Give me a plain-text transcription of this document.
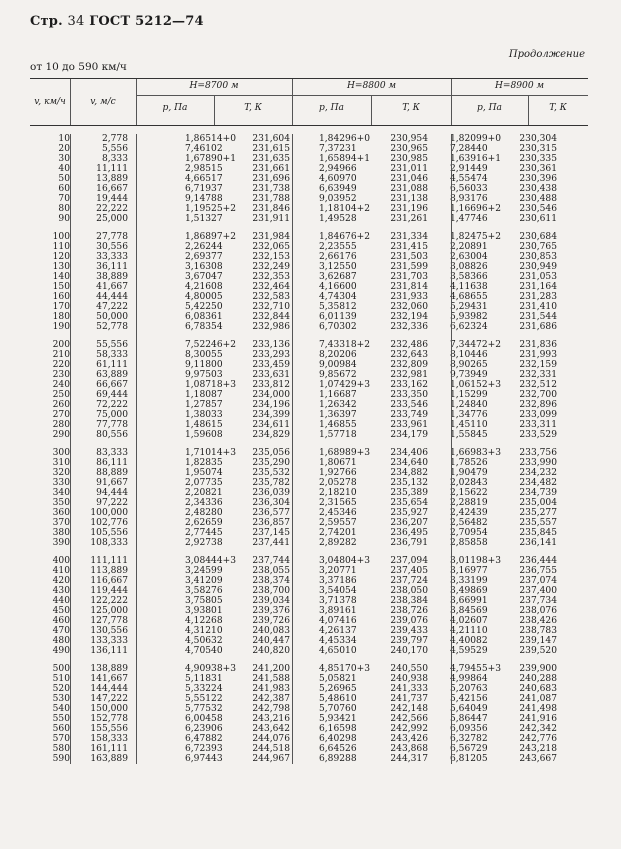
Стр. 34 ГОСТ 5212—74
Продолжение
от 10 до 590 км/ч
v, км/ч	v, м/с
H=8700 м	H=8800 м	H=8900 м
p, Па	T, К	p, Па	T, К	p, Па	T, К
10	2,778	1,86514+0	231,604	1,84296+0	230,954	1,82099+0	230,304
20	5,556	7,46102	231,615	7,37231	230,965	7,28440	230,315
30	8,333	1,67890+1	231,635	1,65894+1	230,985	1,63916+1	230,335
40	11,111	2,98515	231,661	2,94966	231,011	2,91449	230,361
50	13,889	4,66517	231,696	4,60970	231,046	4,55474	230,396
60	16,667	6,71937	231,738	6,63949	231,088	6,56033	230,438
70	19,444	9,14788	231,788	9,03952	231,138	8,93176	230,488
80	22,222	1,19525+2	231,846	1,18104+2	231,196	1,16696+2	230,546
90	25,000	1,51327	231,911	1,49528	231,261	1,47746	230,611
100	27,778	1,86897+2	231,984	1,84676+2	231,334	1,82475+2	230,684
110	30,556	2,26244	232,065	2,23555	231,415	2,20891	230,765
120	33,333	2,69377	232,153	2,66176	231,503	2,63004	230,853
130	36,111	3,16308	232,249	3,12550	231,599	3,08826	230,949
140	38,889	3,67047	232,353	3,62687	231,703	3,58366	231,053
150	41,667	4,21608	232,464	4,16600	231,814	4,11638	231,164
160	44,444	4,80005	232,583	4,74304	231,933	4,68655	231,283
170	47,222	5,42250	232,710	5,35812	232,060	5,29431	231,410
180	50,000	6,08361	232,844	6,01139	232,194	5,93982	231,544
190	52,778	6,78354	232,986	6,70302	232,336	6,62324	231,686
200	55,556	7,52246+2	233,136	7,43318+2	232,486	7,34472+2	231,836
210	58,333	8,30055	233,293	8,20206	232,643	8,10446	231,993
220	61,111	9,11800	233,459	9,00984	232,809	8,90265	232,159
230	63,889	9,97503	233,631	9,85672	232,981	9,73949	232,331
240	66,667	1,08718+3	233,812	1,07429+3	233,162	1,06152+3	232,512
250	69,444	1,18087	234,000	1,16687	233,350	1,15299	232,700
260	72,222	1,27857	234,196	1,26342	233,546	1,24840	232,896
270	75,000	1,38033	234,399	1,36397	233,749	1,34776	233,099
280	77,778	1,48615	234,611	1,46855	233,961	1,45110	233,311
290	80,556	1,59608	234,829	1,57718	234,179	1,55845	233,529
300	83,333	1,71014+3	235,056	1,68989+3	234,406	1,66983+3	233,756
310	86,111	1,82835	235,290	1,80671	234,640	1,78526	233,990
320	88,889	1,95074	235,532	1,92766	234,882	1,90479	234,232
330	91,667	2,07735	235,782	2,05278	235,132	2,02843	234,482
340	94,444	2,20821	236,039	2,18210	235,389	2,15622	234,739
350	97,222	2,34336	236,304	2,31565	235,654	2,28819	235,004
360	100,000	2,48280	236,577	2,45346	235,927	2,42439	235,277
370	102,776	2,62659	236,857	2,59557	236,207	2,56482	235,557
380	105,556	2,77445	237,145	2,74201	236,495	2,70954	235,845
390	108,333	2,92738	237,441	2,89282	236,791	2,85858	236,141
400	111,111	3,08444+3	237,744	3,04804+3	237,094	3,01198+3	236,444
410	113,889	3,24599	238,055	3,20771	237,405	3,16977	236,755
420	116,667	3,41209	238,374	3,37186	237,724	3,33199	237,074
430	119,444	3,58276	238,700	3,54054	238,050	3,49869	237,400
440	122,222	3,75805	239,034	3,71378	238,384	3,66991	237,734
450	125,000	3,93801	239,376	3,89161	238,726	3,84569	238,076
460	127,778	4,12268	239,726	4,07416	239,076	4,02607	238,426
470	130,556	4,31210	240,083	4,26137	239,433	4,21110	238,783
480	133,333	4,50632	240,447	4,45334	239,797	4,40082	239,147
490	136,111	4,70540	240,820	4,65010	240,170	4,59529	239,520
500	138,889	4,90938+3	241,200	4,85170+3	240,550	4,79455+3	239,900
510	141,667	5,11831	241,588	5,05821	240,938	4,99864	240,288
520	144,444	5,33224	241,983	5,26965	241,333	5,20763	240,683
530	147,222	5,55122	242,387	5,48610	241,737	5,42156	241,087
540	150,000	5,77532	242,798	5,70760	242,148	5,64049	241,498
550	152,778	6,00458	243,216	5,93421	242,566	5,86447	241,916
560	155,556	6,23906	243,642	6,16598	242,992	6,09356	242,342
570	158,333	6,47882	244,076	6,40298	243,426	6,32782	242,776
580	161,111	6,72393	244,518	6,64526	243,868	6,56729	243,218
590	163,889	6,97443	244,967	6,89288	244,317	6,81205	243,667
